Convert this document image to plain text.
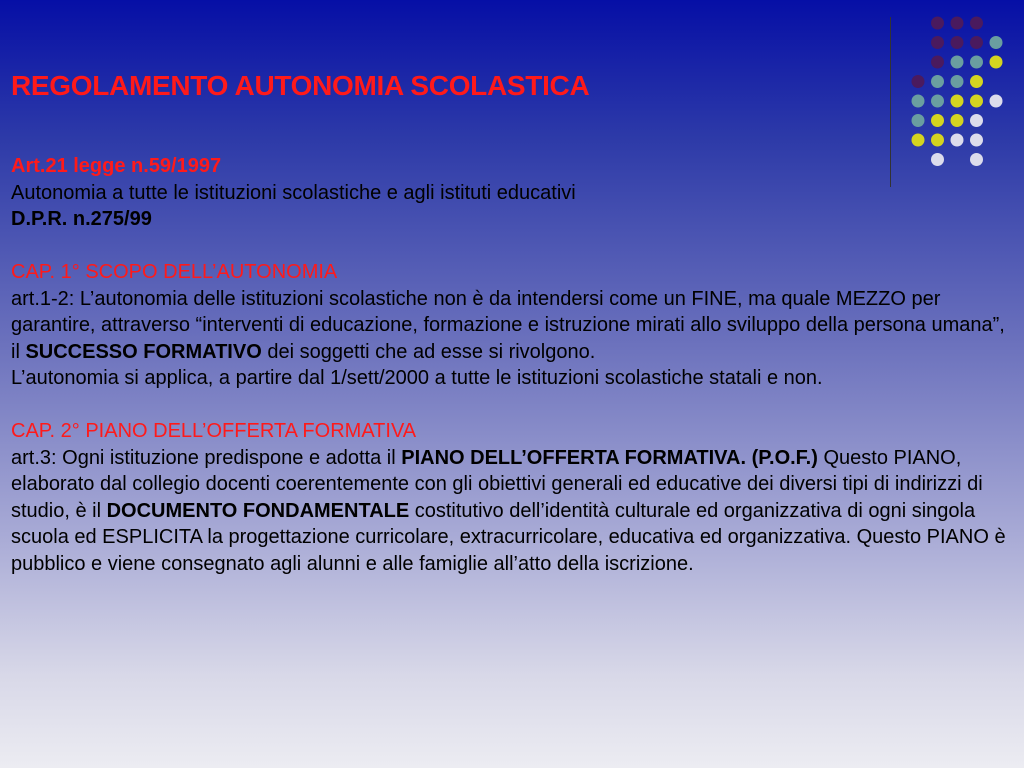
REGOLAMENTO AUTONOMIA SCOLASTICA

Art.21 legge n.59/1997

Autonomia a tutte le istituzioni scolastiche e agli istituti educativi

D.P.R. n.275/99

CAP. 1° SCOPO DELL’AUTONOMIA

art.1-2: L’autonomia delle istituzioni scolastiche non è da intendersi come un FINE, ma quale MEZZO per garantire, attraverso “interventi di educazione, formazione e istruzione mirati allo sviluppo della persona umana”, il SUCCESSO FORMATIVO dei soggetti che ad esse si rivolgono.

L’autonomia si applica, a partire dal 1/sett/2000 a tutte le istituzioni scolastiche statali e non.

CAP. 2° PIANO DELL’OFFERTA FORMATIVA

art.3: Ogni istituzione predispone e adotta il PIANO DELL’OFFERTA FORMATIVA. (P.O.F.) Questo PIANO, elaborato dal collegio docenti coerentemente con gli obiettivi generali ed educative dei diversi tipi di indirizzi di studio, è il DOCUMENTO FONDAMENTALE costitutivo dell’identità culturale ed organizzativa di ogni singola scuola ed ESPLICITA la progettazione curricolare, extracurricolare, educativa ed organizzativa. Questo PIANO è pubblico e viene consegnato agli alunni e alle famiglie all’atto della iscrizione.
